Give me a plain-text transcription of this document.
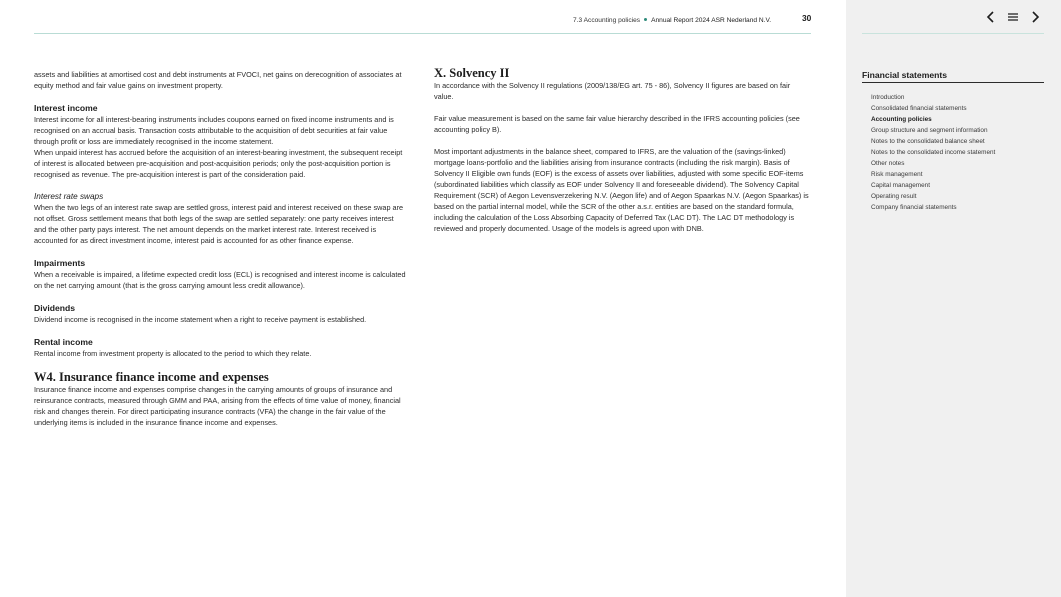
7.3 Accounting policies Annual Report 2024 ASR Nederland N.V.	30

assets and liabilities at amortised cost and debt instruments at FVOCI, net gains on derecognition of associates at equity method and fair value gains on investment property.

Interest income

Interest income for all interest-bearing instruments includes coupons earned on fixed income instruments and is recognised on an accrual basis. Transaction costs attributable to the acquisition of debt securities at fair value through profit or loss are immediately recognised in the income statement.

When unpaid interest has accrued before the acquisition of an interest-bearing investment, the subsequent receipt of interest is allocated between pre-acquisition and post-acquisition periods; only the post-acquisition portion is recognised as revenue. The pre-acquisition interest is part of the consideration paid.

Interest rate swaps

When the two legs of an interest rate swap are settled gross, interest paid and interest received on these swap are not offset. Gross settlement means that both legs of the swap are settled separately: one party receives interest and the other party pays interest. The net amount depends on the market interest rate. Interest received is accounted for as direct investment income, interest paid is accounted for as other finance expense.

Impairments

When a receivable is impaired, a lifetime expected credit loss (ECL) is recognised and interest income is calculated on the net carrying amount (that is the gross carrying amount less credit allowance).

Dividends

Dividend income is recognised in the income statement when a right to receive payment is established.

Rental income

Rental income from investment property is allocated to the period to which they relate.

W4. Insurance finance income and expenses

Insurance finance income and expenses comprise changes in the carrying amounts of groups of insurance and reinsurance contracts, measured through GMM and PAA, arising from the effects of time value of money, financial risk and changes therein. For direct participating insurance contracts (VFA) the change in the fair value of the underlying items is included in the insurance finance income and expenses.

X. Solvency II

In accordance with the Solvency II regulations (2009/138/EG art. 75 - 86), Solvency II figures are based on fair value.

Fair value measurement is based on the same fair value hierarchy described in the IFRS accounting policies (see accounting policy B).

Most important adjustments in the balance sheet, compared to IFRS, are the valuation of the (savings-linked) mortgage loans-portfolio and the liabilities arising from insurance contracts (including the risk margin). Basis of Solvency II Eligible own funds (EOF) is the excess of assets over liabilities, adjusted with some specific EOF-items (subordinated liabilities which classify as EOF under Solvency II and foreseeable dividend). The Solvency Capital Requirement (SCR) of Aegon Levensverzekering N.V. (Aegon life) and of Aegon Spaarkas N.V. (Aegon Spaarkas) is based on the partial internal model, while the SCR of the other a.s.r. entities are based on the standard formula, including the calculation of the Loss Absorbing Capacity of Deferred Tax (LAC DT). The LAC DT methodology is reviewed and properly documented. Usage of the models is agreed upon with DNB.

Financial statements
Introduction
Consolidated financial statements
Accounting policies
Group structure and segment information
Notes to the consolidated balance sheet
Notes to the consolidated income statement
Other notes
Risk management
Capital management
Operating result
Company financial statements
